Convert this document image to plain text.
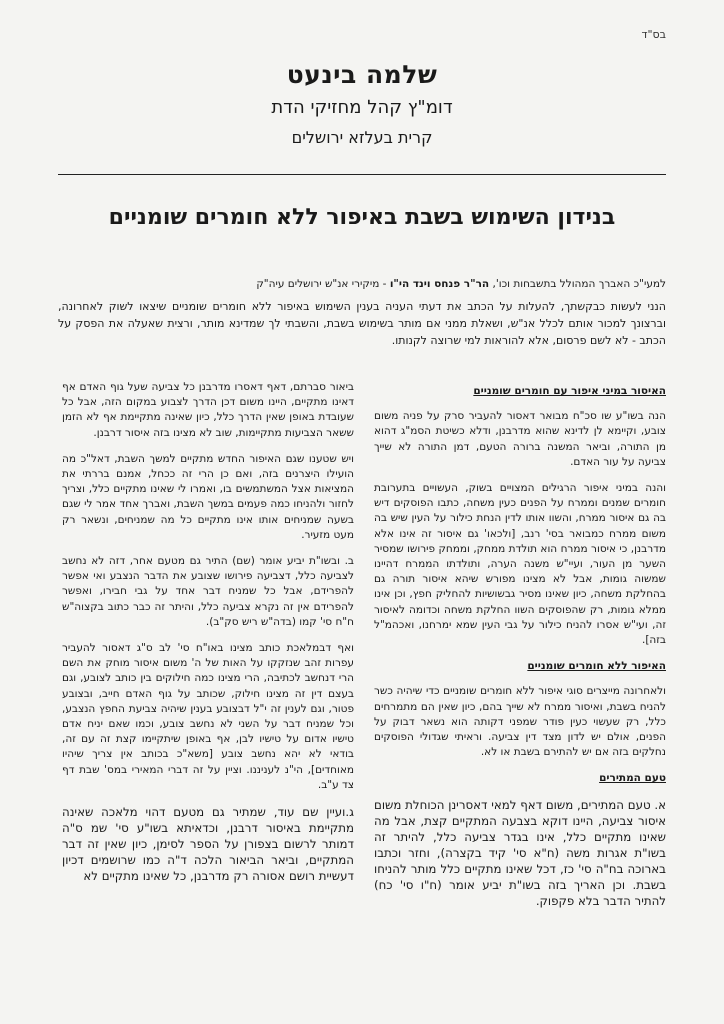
בס"ד
שלמה בינעט

דומ"ץ קהל מחזיקי הדת

קרית בעלזא ירושלים

בנידון השימוש בשבת באיפור ללא חומרים שומניים

למעי"כ האברך המהולל בתשבחות וכו', הר"ר פנחס וינד הי"ו - מיקירי אנ"ש ירושלים עיה"ק

הנני לעשות כבקשתך, להעלות על הכתב את דעתי העניה בענין השימוש באיפור ללא חומרים שומניים שיצאו לשוק לאחרונה, וברצונך למכור אותם לכלל אנ"ש, ושאלת ממני אם מותר בשימוש בשבת, והשבתי לך שמדינא מותר, ורצית שאעלה את הפסק על הכתב - לא לשם פרסום, אלא להוראות למי שרוצה לקנותו.

האיסור במיני איפור עם חומרים שומניים

הנה בשו"ע שו סכ"ח מבואר דאסור להעביר סרק על פניה משום צובע, וקיימא לן לדינא שהוא מדרבנן, ודלא כשיטת הסמ"ג דהוא מן התורה, וביאר המשנה ברורה הטעם, דמן התורה לא שייך צביעה על עור האדם.

והנה במיני איפור הרגילים המצויים בשוק, העשויים בתערובת חומרים שמנים וממרח על הפנים כעין משחה, כתבו הפוסקים דיש בה גם איסור ממרח, והשוו אותו לדין הנחת כילור על העין שיש בה משום ממרח כמבואר בסי' רנב, [ולכאו' גם איסור זה אינו אלא מדרבנן, כי איסור ממרח הוא תולדת ממחק, וממחק פירושו שמסיר השער מן העור, ועיי"ש משנה הערה, ותולדתו הממרח דהיינו שמשוה גומות, אבל לא מצינו מפורש שיהא איסור תורה גם בהחלקת משחה, כיון שאינו מסיר גבשושיות להחליק חפץ, וכן אינו ממלא גומות, רק שהפוסקים השוו החלקת משחה וכדומה לאיסור זה, ועי"ש אסרו להניח כילור על גבי העין שמא ימרחנו, ואכהמ"ל בזה].

האיפור ללא חומרים שומניים

ולאחרונה מייצרים סוגי איפור ללא חומרים שומניים כדי שיהיה כשר להניח בשבת, ואיסור ממרח לא שייך בהם, כיון שאין הם מתמרחים כלל, רק שעשוי כעין פודר שמפני דקותה הוא נשאר דבוק על הפנים, אולם יש לדון מצד דין צביעה. וראיתי שגדולי הפוסקים נחלקים בזה אם יש להתירם בשבת או לא.

טעם המתירים

א. טעם המתירים, משום דאף למאי דאסרינן הכוחלת משום איסור צביעה, היינו דוקא בצבעה המתקיים קצת, אבל מה שאינו מתקיים כלל, אינו בגדר צביעה כלל, להיתר זה בשו"ת אגרות משה (ח"א סי' קיד בקצרה), וחזר וכתבו בארוכה בח"ה סי' כז, דכל שאינו מתקיים כלל מותר להניחו בשבת. וכן האריך בזה בשו"ת יביע אומר (ח"ו סי' כח) להתיר הדבר בלא פקפוק.

ביאור סברתם, דאף דאסרו מדרבנן כל צביעה שעל גוף האדם אף דאינו מתקיים, היינו משום דכן הדרך לצבוע במקום הזה, אבל כל שעובדת באופן שאין הדרך כלל, כיון שאינה מתקיימת אף לא הזמן ששאר הצביעות מתקיימות, שוב לא מצינו בזה איסור דרבנן.

ויש שטענו שגם האיפור החדש מתקיים למשך השבת, דאל"כ מה הועילו היצרנים בזה, ואם כן הרי זה ככחל, אמנם בררתי את המציאות אצל המשתמשים בו, ואמרו לי שאינו מתקיים כלל, וצריך לחזור ולהניחו כמה פעמים במשך השבת, ואברך אחד אמר לי שגם בשעה שמניחים אותו אינו מתקיים כל מה שמניחים, ונשאר רק מעט מזעיר.

ב. ובשו"ת יביע אומר (שם) התיר גם מטעם אחר, דזה לא נחשב לצביעה כלל, דצביעה פירושו שצובע את הדבר הנצבע ואי אפשר להפרידם, אבל כל שמניח דבר אחד על גבי חבירו, ואפשר להפרידם אין זה נקרא צביעה כלל, והיתר זה כבר כתוב בקצוה"ש ח"ח סי' קמו (בדה"ש ריש סק"ב).

ואף דבמלאכת כותב מצינו באו"ח סי' לב ס"ג דאסור להעביר עפרות זהב שנזקקו על האות של ה' משום איסור מוחק את השם הרי דנחשב לכתיבה, הרי מצינו כמה חילוקים בין כותב לצובע, וגם בעצם דין זה מצינו חילוק, שכותב על גוף האדם חייב, ובצובע פטור, וגם לענין זה י"ל דבצובע בענין שיהיה צביעת החפץ הנצבע, וכל שמניח דבר על השני לא נחשב צובע, וכמו שאם יניח אדם טישיו אדום על טישיו לבן, אף באופן שיתקיימו קצת זה עם זה, בודאי לא יהא נחשב צובע [משא"כ בכותב אין צריך שיהיו מאוחדים], הי"נ לעניננו. וציין על זה דברי המאירי במס' שבת דף צד ע"ב.

ג.ועיין שם עוד, שמתיר גם מטעם דהוי מלאכה שאינה מתקיימת באיסור דרבנן, וכדאיתא בשו"ע סי' שמ ס"ה דמותר לרשום בצפורן על הספר לסימן, כיון שאין זה דבר המתקיים, וביאר הביאור הלכה ד"ה כמו שרושמים דכיון דעשיית רושם אסורה רק מדרבנן, כל שאינו מתקיים לא
